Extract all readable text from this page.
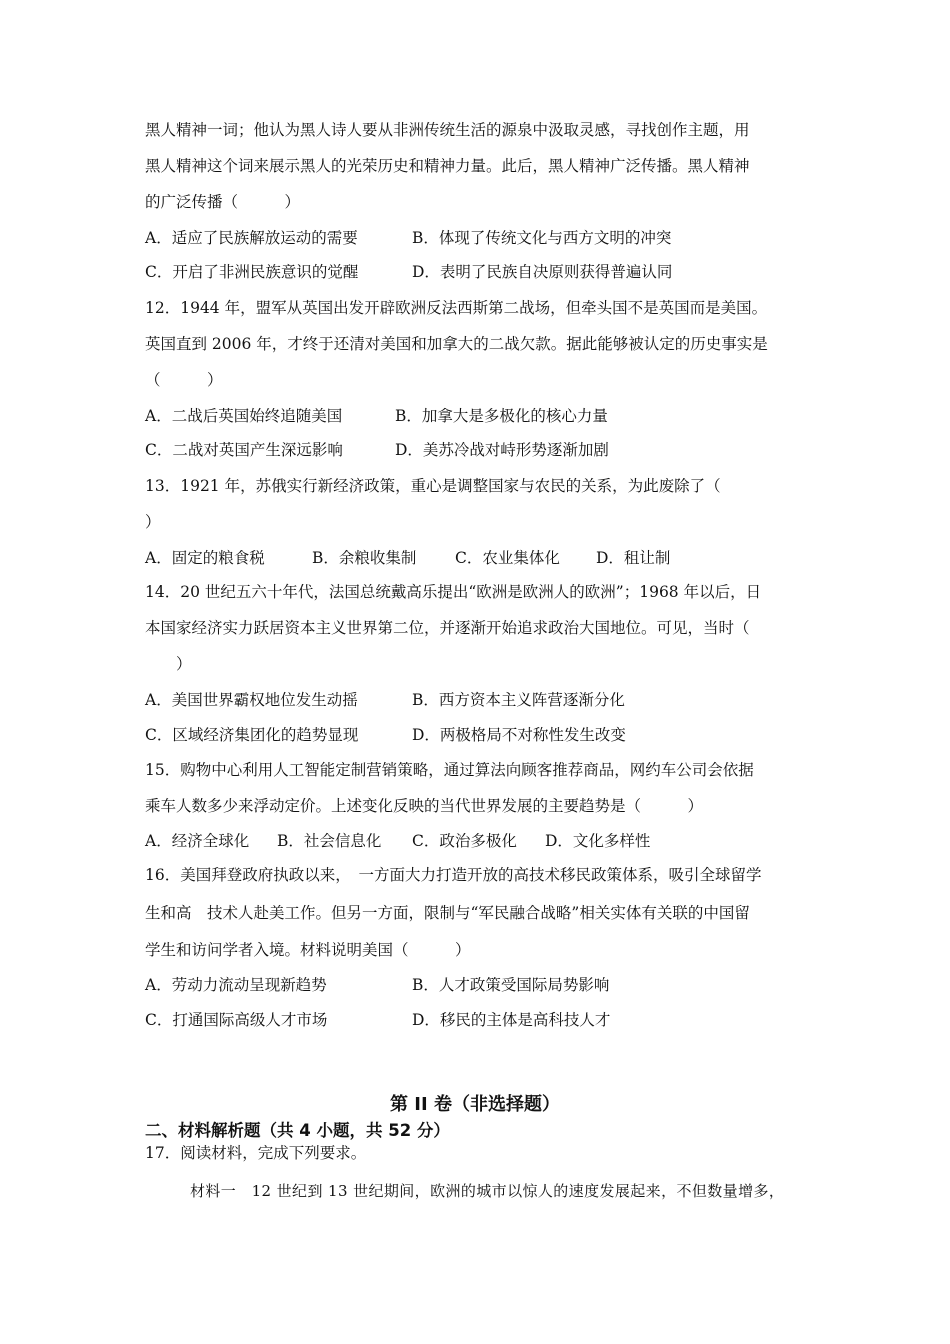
黑人精神一词；他认为黑人诗人要从非洲传统生活的源泉中汲取灵感，寻找创作主题，用
黑人精神这个词来展示黑人的光荣历史和精神力量。此后，黑人精神广泛传播。黑人精神
的广泛传播（　　　）
A．适应了民族解放运动的需要	B．体现了传统文化与西方文明的冲突
C．开启了非洲民族意识的觉醒	D．表明了民族自决原则获得普遍认同
12．1944 年，盟军从英国出发开辟欧洲反法西斯第二战场，但牵头国不是英国而是美国。
英国直到 2006 年，才终于还清对美国和加拿大的二战欠款。据此能够被认定的历史事实是
（　　　）
A．二战后英国始终追随美国	B．加拿大是多极化的核心力量
C．二战对英国产生深远影响	D．美苏冷战对峙形势逐渐加剧
13．1921 年，苏俄实行新经济政策，重心是调整国家与农民的关系，为此废除了（
）
A．固定的粮食税	B．余粮收集制 C．农业集体化 D．租让制
14．20 世纪五六十年代，法国总统戴高乐提出“欧洲是欧洲人的欧洲”；1968 年以后，日
本国家经济实力跃居资本主义世界第二位，并逐渐开始追求政治大国地位。可见，当时（
　　）
A．美国世界霸权地位发生动摇	B．西方资本主义阵营逐渐分化
C．区域经济集团化的趋势显现	D．两极格局不对称性发生改变
15．购物中心利用人工智能定制营销策略，通过算法向顾客推荐商品，网约车公司会依据
乘车人数多少来浮动定价。上述变化反映的当代世界发展的主要趋势是（　　　）
A．经济全球化 B．社会信息化 C．政治多极化 D．文化多样性
16．美国拜登政府执政以来，　一方面大力打造开放的高技术移民政策体系，吸引全球留学
生和高　技术人赴美工作。但另一方面，限制与“军民融合战略”相关实体有关联的中国留
学生和访问学者入境。材料说明美国（　　　）
A．劳动力流动呈现新趋势	B．人才政策受国际局势影响
C．打通国际高级人才市场	D．移民的主体是高科技人才
第 II 卷（非选择题）
二、材料解析题（共 4 小题，共 52 分）
17．阅读材料，完成下列要求。
材料一　12 世纪到 13 世纪期间，欧洲的城市以惊人的速度发展起来，不但数量增多，
